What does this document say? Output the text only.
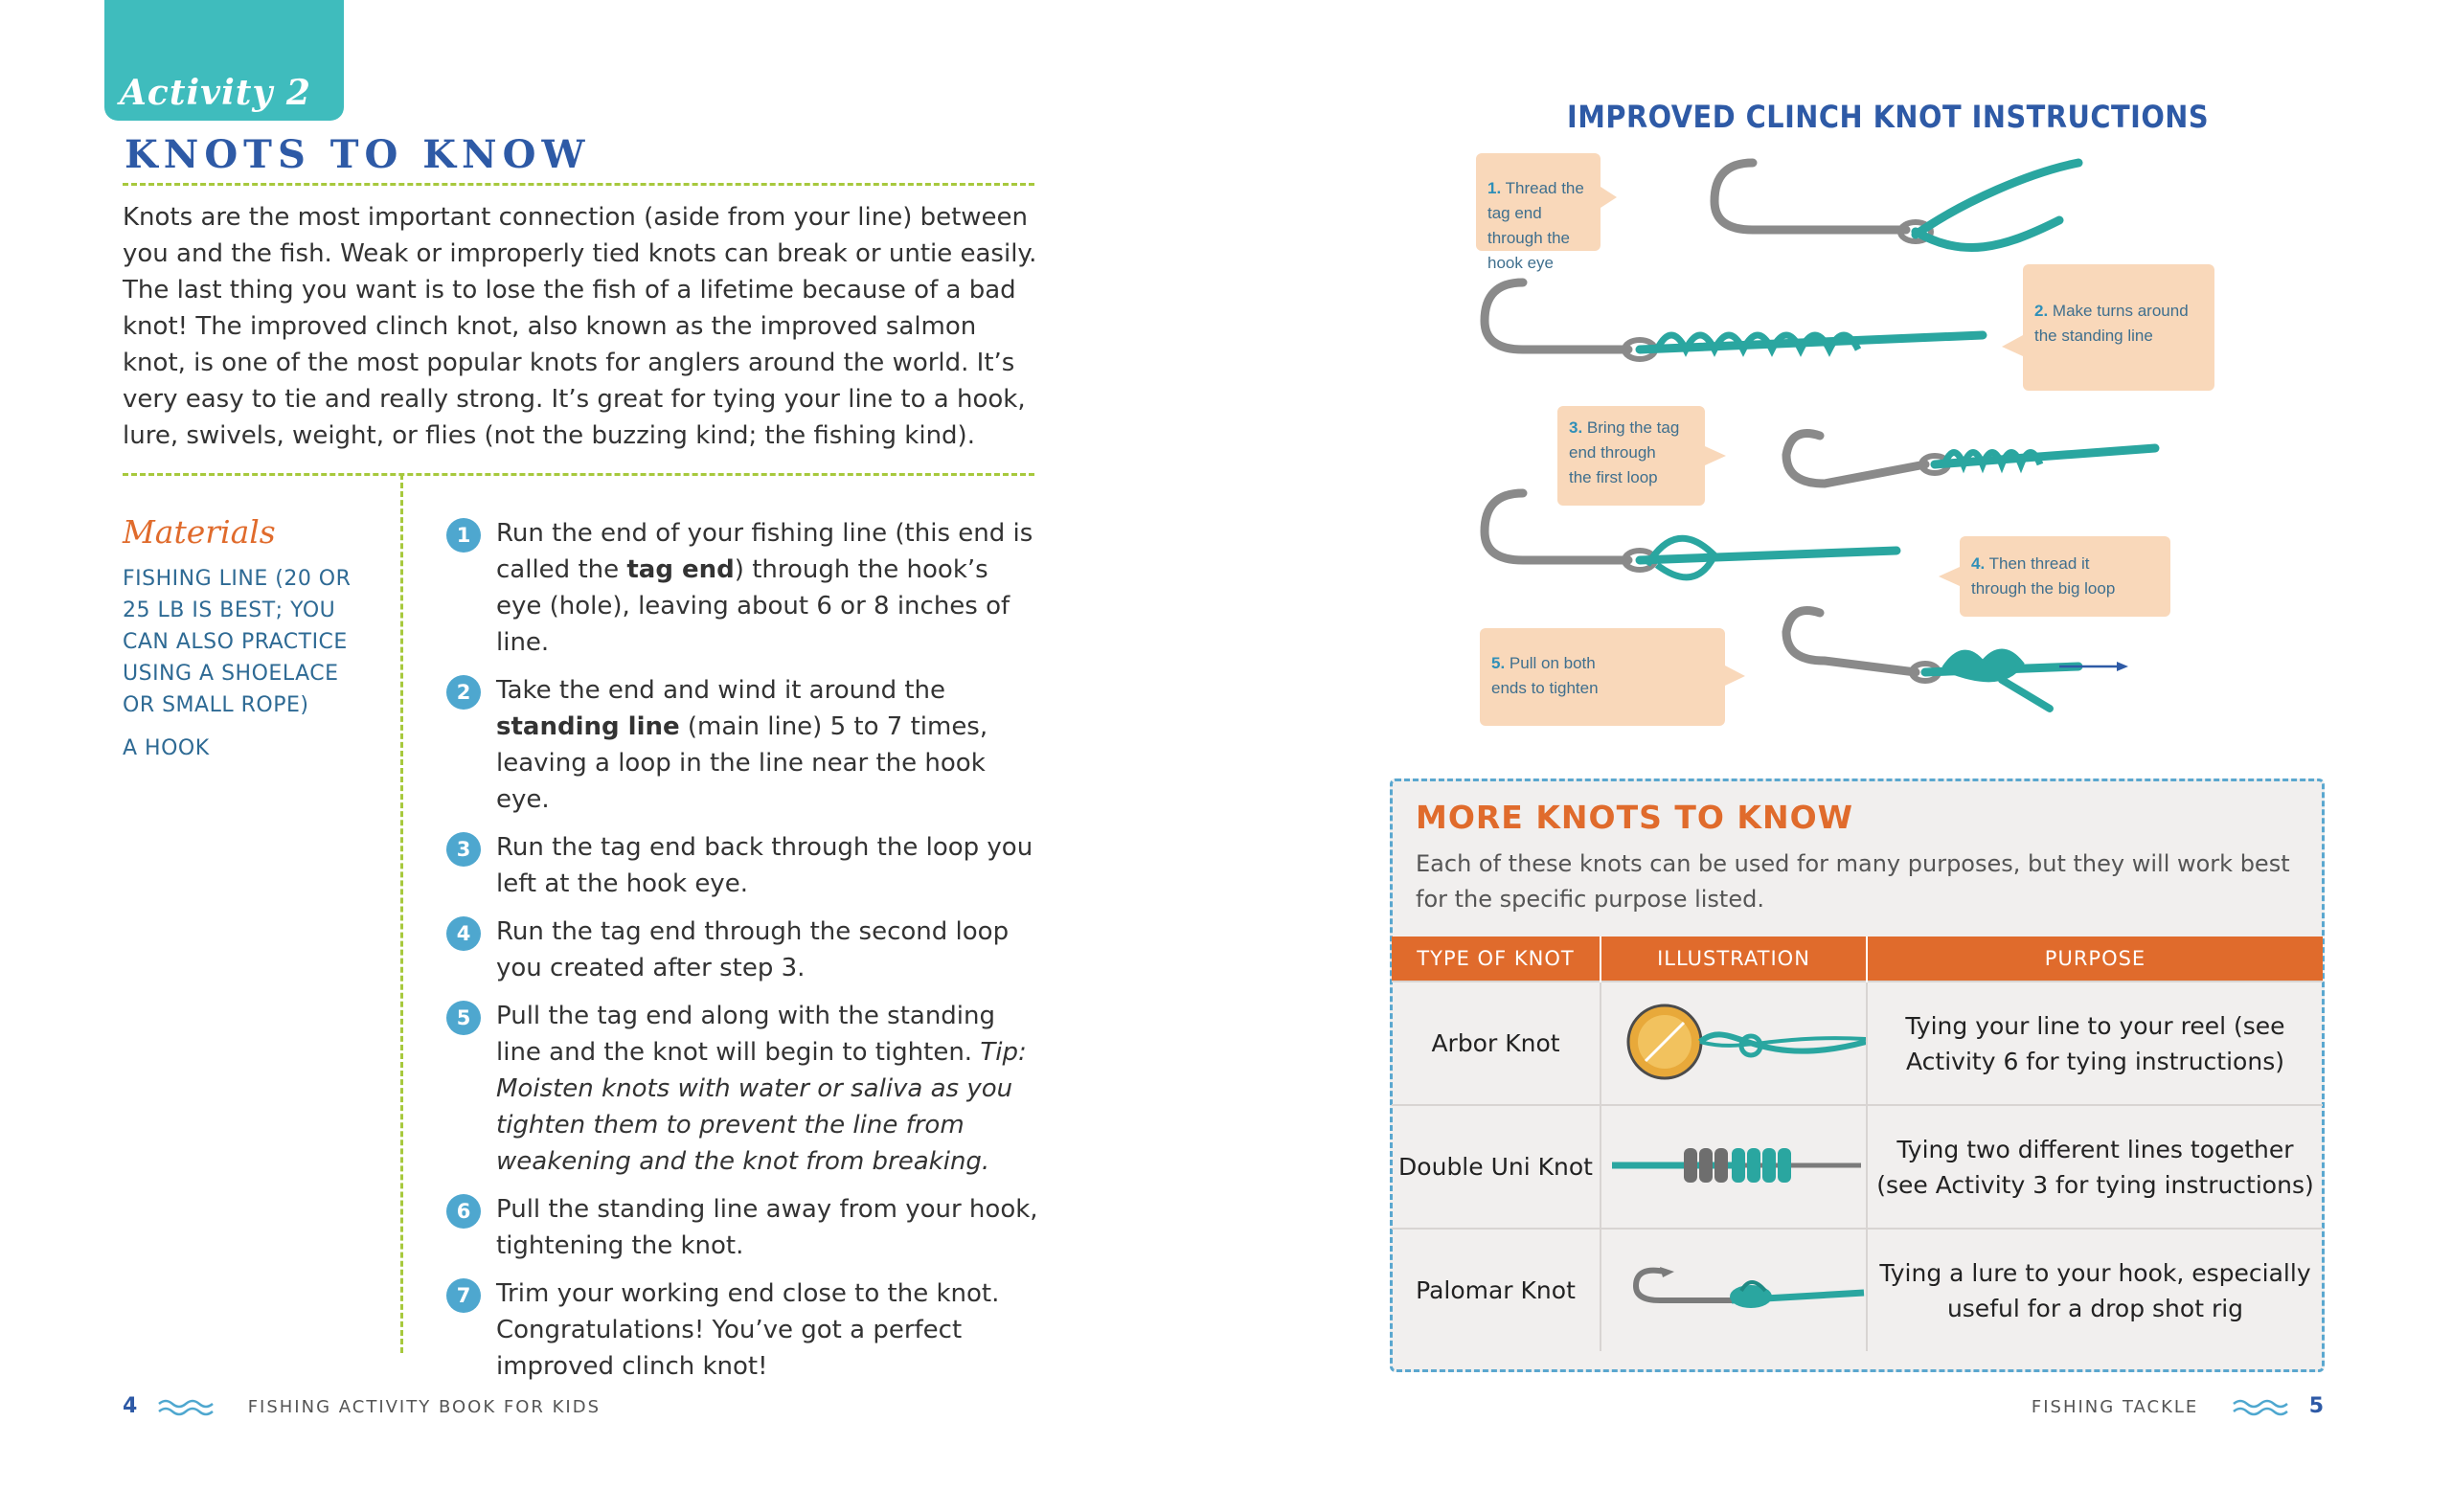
Activity 2
KNOTS TO KNOW

Knots are the most important connection (aside from your line) between you and the fish. Weak or improperly tied knots can break or untie easily. The last thing you want is to lose the fish of a lifetime because of a bad knot! The improved clinch knot, also known as the improved salmon knot, is one of the most popular knots for anglers around the world. It’s very easy to tie and really strong. It’s great for tying your line to a hook, lure, swivels, weight, or flies (not the buzzing kind; the fishing kind).

Materials
FISHING LINE (20 OR 25 LB IS BEST; YOU CAN ALSO PRACTICE USING A SHOELACE OR SMALL ROPE)
A HOOK
1	Run the end of your fishing line (this end is called the tag end) through the hook’s eye (hole), leaving about 6 or 8 inches of line.
2	Take the end and wind it around the standing line (main line) 5 to 7 times, leaving a loop in the line near the hook eye.
3	Run the tag end back through the loop you left at the hook eye.
4	Run the tag end through the second loop you created after step 3.
5	Pull the tag end along with the standing line and the knot will begin to tighten. Tip: Moisten knots with water or saliva as you tighten them to prevent the line from weakening and the knot from breaking.
6	Pull the standing line away from your hook, tightening the knot.
7	Trim your working end close to the knot. Congratulations! You’ve got a perfect improved clinch knot!
4	FISHING ACTIVITY BOOK FOR KIDS
IMPROVED CLINCH KNOT INSTRUCTIONS
1. Thread the tag end
through the hook eye
2. Make turns around
the standing line
3. Bring the tag
end through
the first loop
4. Then thread it
through the big loop
5. Pull on both
ends to tighten
MORE KNOTS TO KNOW

Each of these knots can be used for many purposes, but they will work best for the specific purpose listed.

TYPE OF KNOT	ILLUSTRATION	PURPOSE
Arbor Knot		Tying your line to your reel (see Activity 6 for tying instructions)
Double Uni Knot		Tying two different lines together (see Activity 3 for tying instructions)
Palomar Knot		Tying a lure to your hook, especially useful for a drop shot rig
FISHING TACKLE	5
